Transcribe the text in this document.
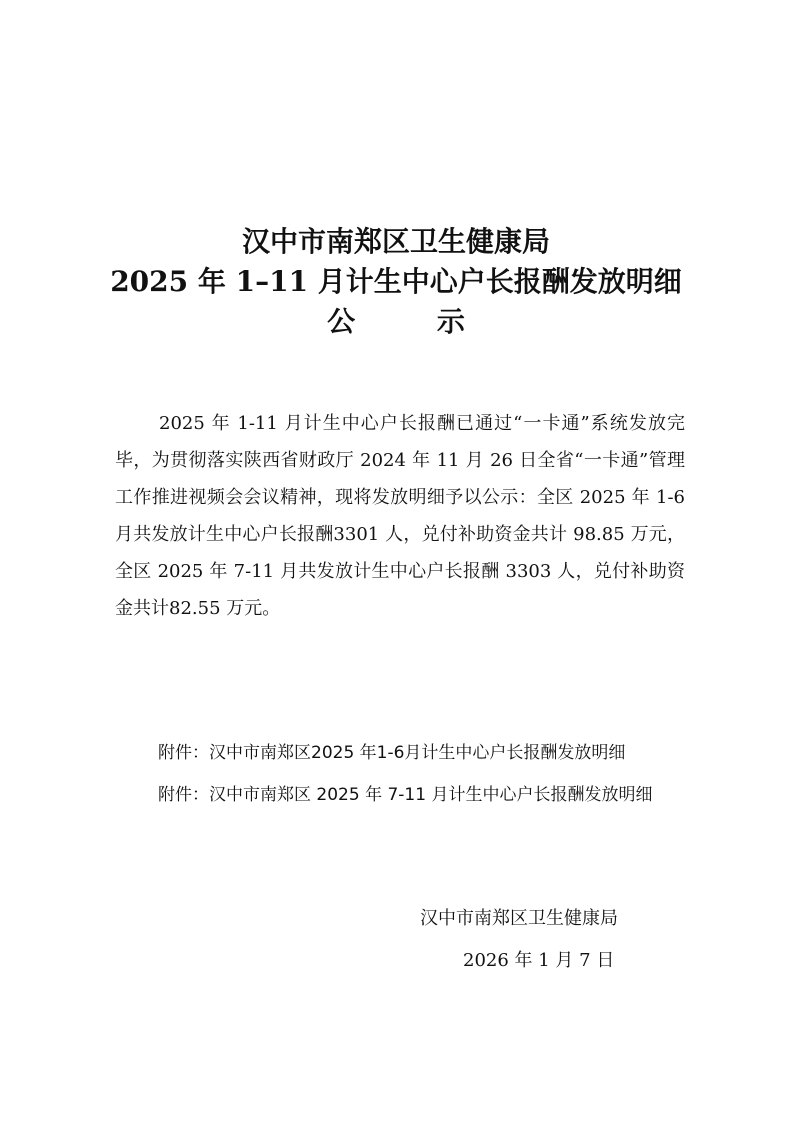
汉中市南郑区卫生健康局
2025 年 1–11 月计生中心户长报酬发放明细
公 示

2025 年 1-11 月计生中心户长报酬已通过“一卡通”系统发放完毕，为贯彻落实陕西省财政厅 2024 年 11 月 26 日全省“一卡通”管理工作推进视频会会议精神，现将发放明细予以公示：全区 2025 年 1-6 月共发放计生中心户长报酬3301 人，兑付补助资金共计 98.85 万元，全区 2025 年 7-11 月共发放计生中心户长报酬 3303 人，兑付补助资金共计82.55 万元。

附件：汉中市南郑区2025 年1-6月计生中心户长报酬发放明细
附件：汉中市南郑区 2025 年 7-11 月计生中心户长报酬发放明细
汉中市南郑区卫生健康局
2026 年 1 月 7 日
